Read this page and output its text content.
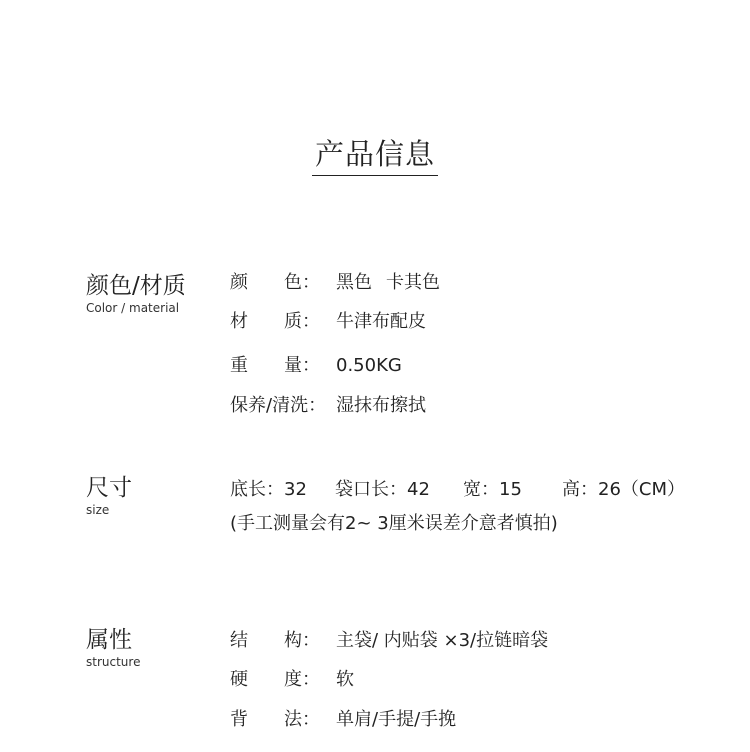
产品信息
颜色/材质
Color / material
颜　　色： 黑色 卡其色
材　　质： 牛津布配皮
重　　量： 0.50KG
保养/清洗： 湿抹布擦拭
尺寸
size
底长：32 袋口长：42 宽：15 高：26（CM）
(手工测量会有2~ 3厘米误差介意者慎拍)
属性
structure
结　　构： 主袋/ 内贴袋 ×3/拉链暗袋
硬　　度： 软
背　　法： 单肩/手提/手挽
